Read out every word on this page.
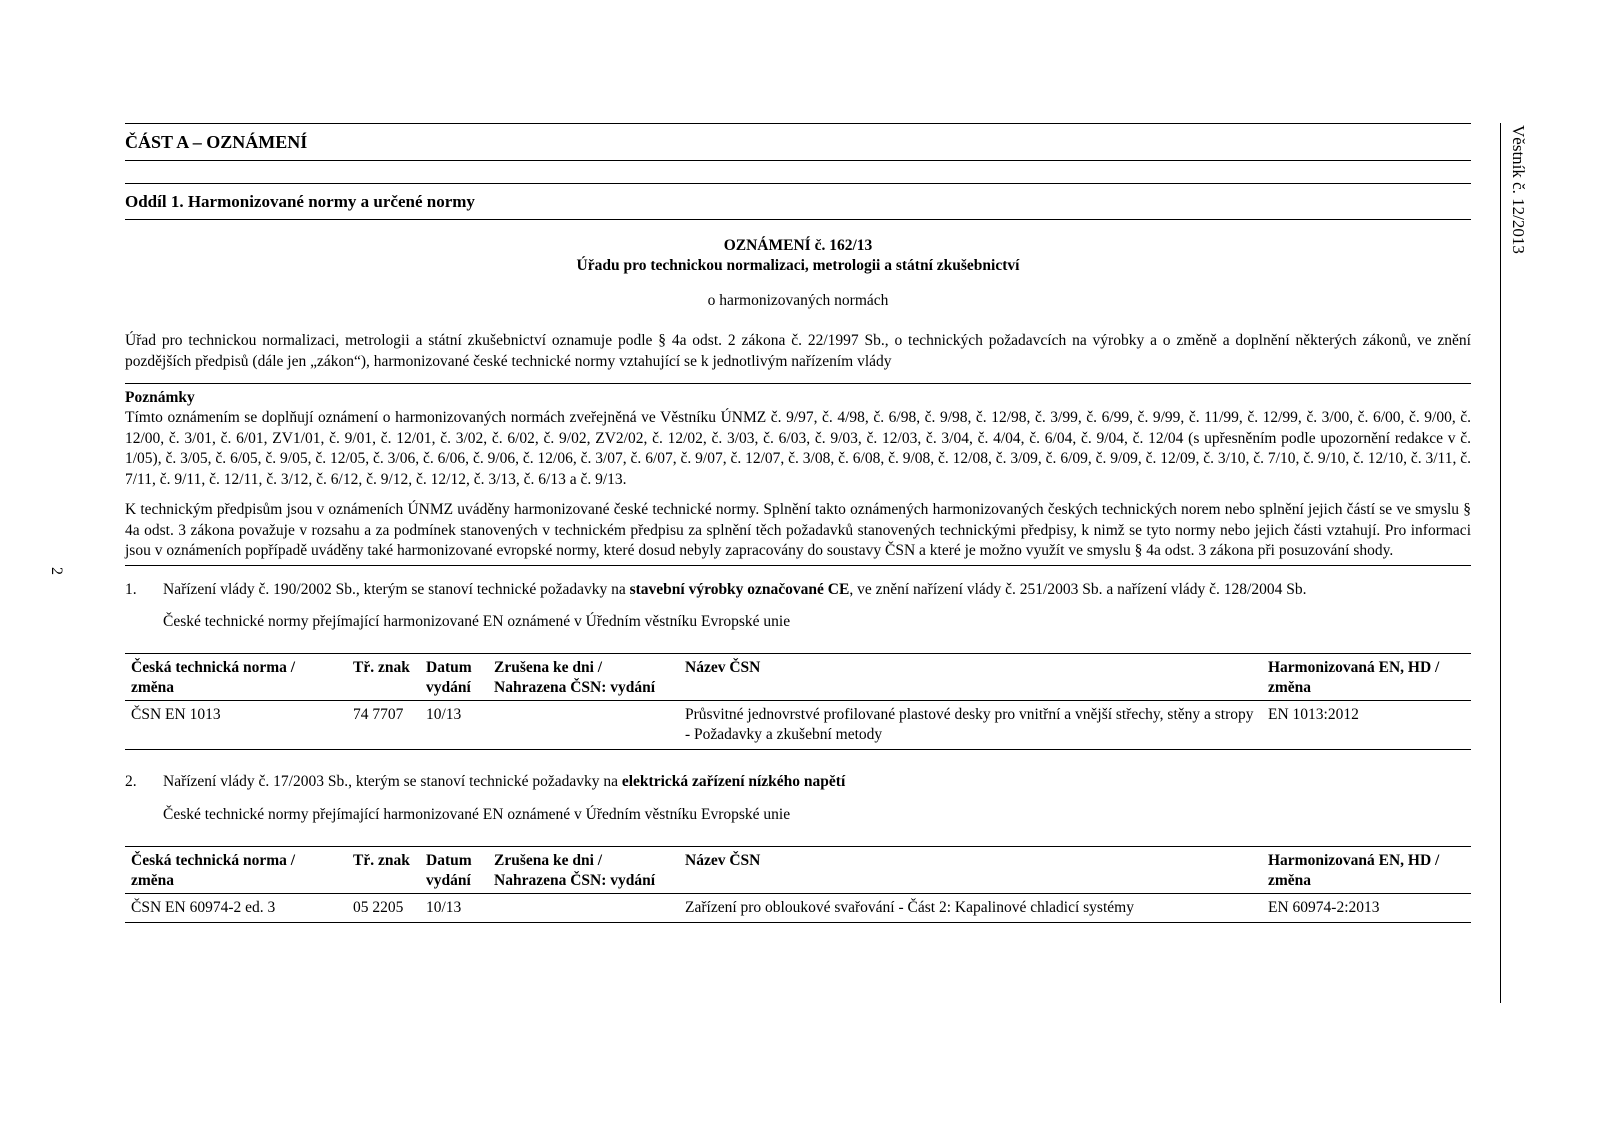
ČÁST A – OZNÁMENÍ
Oddíl 1. Harmonizované normy a určené normy
OZNÁMENÍ č. 162/13
Úřadu pro technickou normalizaci, metrologii a státní zkušebnictví
o harmonizovaných normách

Úřad pro technickou normalizaci, metrologii a státní zkušebnictví oznamuje podle § 4a odst. 2 zákona č. 22/1997 Sb., o technických požadavcích na výrobky a o změně a doplnění některých zákonů, ve znění pozdějších předpisů (dále jen „zákon“), harmonizované české technické normy vztahující se k jednotlivým nařízením vlády

Poznámky

Tímto oznámením se doplňují oznámení o harmonizovaných normách zveřejněná ve Věstníku ÚNMZ č. 9/97, č. 4/98, č. 6/98, č. 9/98, č. 12/98, č. 3/99, č. 6/99, č. 9/99, č. 11/99, č. 12/99, č. 3/00, č. 6/00, č. 9/00, č. 12/00, č. 3/01, č. 6/01, ZV1/01, č. 9/01, č. 12/01, č. 3/02, č. 6/02, č. 9/02, ZV2/02, č. 12/02, č. 3/03, č. 6/03, č. 9/03, č. 12/03, č. 3/04, č. 4/04, č. 6/04, č. 9/04, č. 12/04 (s upřesněním podle upozornění redakce v č. 1/05), č. 3/05, č. 6/05, č. 9/05, č. 12/05, č. 3/06, č. 6/06, č. 9/06, č. 12/06, č. 3/07, č. 6/07, č. 9/07, č. 12/07, č. 3/08, č. 6/08, č. 9/08, č. 12/08, č. 3/09, č. 6/09, č. 9/09, č. 12/09, č. 3/10, č. 7/10, č. 9/10, č. 12/10, č. 3/11, č. 7/11, č. 9/11, č. 12/11, č. 3/12, č. 6/12, č. 9/12, č. 12/12, č. 3/13, č. 6/13 a č. 9/13.

K technickým předpisům jsou v oznámeních ÚNMZ uváděny harmonizované české technické normy. Splnění takto oznámených harmonizovaných českých technických norem nebo splnění jejich částí se ve smyslu § 4a odst. 3 zákona považuje v rozsahu a za podmínek stanovených v technickém předpisu za splnění těch požadavků stanovených technickými předpisy, k nimž se tyto normy nebo jejich části vztahují. Pro informaci jsou v oznámeních popřípadě uváděny také harmonizované evropské normy, které dosud nebyly zapracovány do soustavy ČSN a které je možno využít ve smyslu § 4a odst. 3 zákona při posuzování shody.

1.	Nařízení vlády č. 190/2002 Sb., kterým se stanoví technické požadavky na stavební výrobky označované CE, ve znění nařízení vlády č. 251/2003 Sb. a nařízení vlády č. 128/2004 Sb.
České technické normy přejímající harmonizované EN oznámené v Úředním věstníku Evropské unie
Česká technická norma / změna	Tř. znak	Datum vydání	Zrušena ke dni / Nahrazena ČSN: vydání	Název ČSN	Harmonizovaná EN, HD / změna
ČSN EN 1013	74 7707	10/13		Průsvitné jednovrstvé profilované plastové desky pro vnitřní a vnější střechy, stěny a stropy - Požadavky a zkušební metody	EN 1013:2012
2.	Nařízení vlády č. 17/2003 Sb., kterým se stanoví technické požadavky na elektrická zařízení nízkého napětí
České technické normy přejímající harmonizované EN oznámené v Úředním věstníku Evropské unie
Česká technická norma / změna	Tř. znak	Datum vydání	Zrušena ke dni / Nahrazena ČSN: vydání	Název ČSN	Harmonizovaná EN, HD / změna
ČSN EN 60974-2 ed. 3	05 2205	10/13		Zařízení pro obloukové svařování - Část 2: Kapalinové chladicí systémy	EN 60974-2:2013
Věstník č. 12/2013
2
